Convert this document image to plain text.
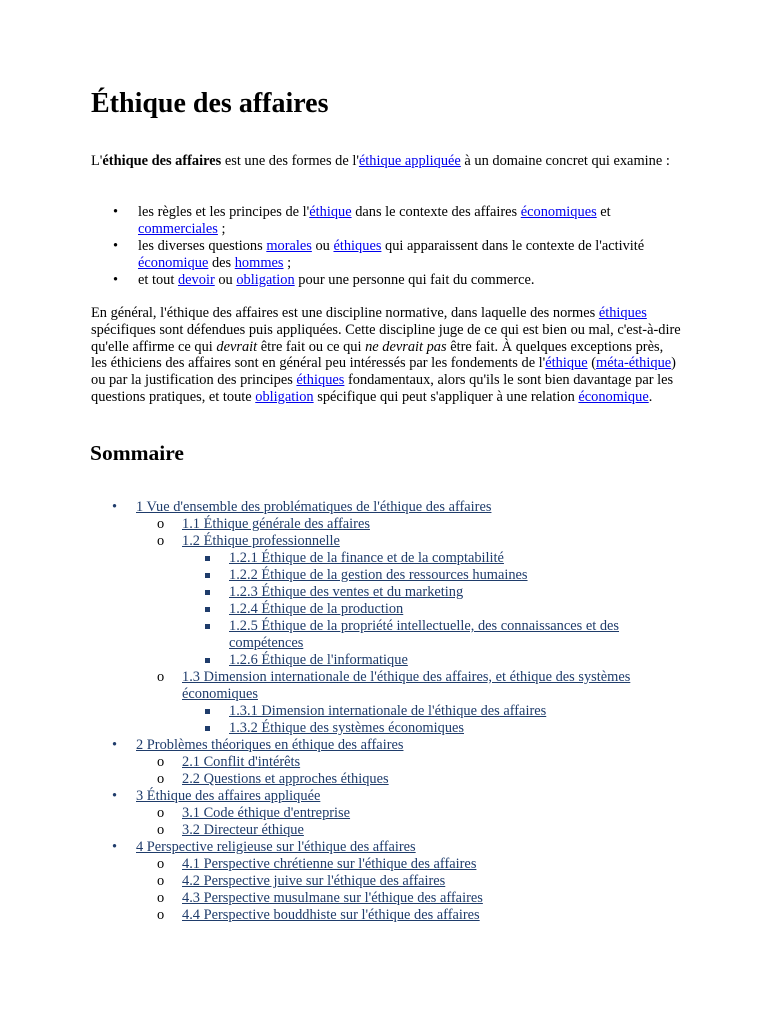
Éthique des affaires

L'éthique des affaires est une des formes de l'éthique appliquée à un domaine concret qui examine :

• les règles et les principes de l'éthique dans le contexte des affaires économiques et commerciales ;
• les diverses questions morales ou éthiques qui apparaissent dans le contexte de l'activité économique des hommes ;
• et tout devoir ou obligation pour une personne qui fait du commerce.

En général, l'éthique des affaires est une discipline normative, dans laquelle des normes éthiques spécifiques sont défendues puis appliquées. Cette discipline juge de ce qui est bien ou mal, c'est-à-dire qu'elle affirme ce qui devrait être fait ou ce qui ne devrait pas être fait. À quelques exceptions près, les éthiciens des affaires sont en général peu intéressés par les fondements de l'éthique (méta-éthique) ou par la justification des principes éthiques fondamentaux, alors qu'ils le sont bien davantage par les questions pratiques, et toute obligation spécifique qui peut s'appliquer à une relation économique.

Sommaire
• 1 Vue d'ensemble des problématiques de l'éthique des affaires
o 1.1 Éthique générale des affaires
o 1.2 Éthique professionnelle
1.2.1 Éthique de la finance et de la comptabilité
1.2.2 Éthique de la gestion des ressources humaines
1.2.3 Éthique des ventes et du marketing
1.2.4 Éthique de la production
1.2.5 Éthique de la propriété intellectuelle, des connaissances et des compétences
1.2.6 Éthique de l'informatique
o 1.3 Dimension internationale de l'éthique des affaires, et éthique des systèmes économiques
1.3.1 Dimension internationale de l'éthique des affaires
1.3.2 Éthique des systèmes économiques
• 2 Problèmes théoriques en éthique des affaires
o 2.1 Conflit d'intérêts
o 2.2 Questions et approches éthiques
• 3 Éthique des affaires appliquée
o 3.1 Code éthique d'entreprise
o 3.2 Directeur éthique
• 4 Perspective religieuse sur l'éthique des affaires
o 4.1 Perspective chrétienne sur l'éthique des affaires
o 4.2 Perspective juive sur l'éthique des affaires
o 4.3 Perspective musulmane sur l'éthique des affaires
o 4.4 Perspective bouddhiste sur l'éthique des affaires
